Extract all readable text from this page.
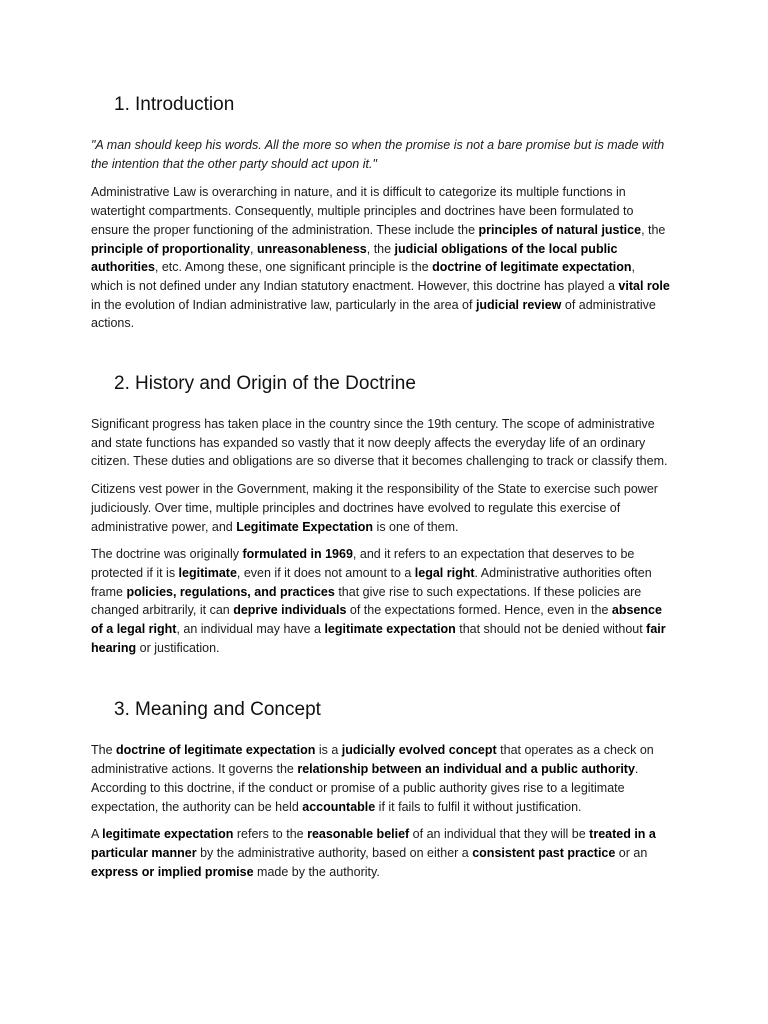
1. Introduction

"A man should keep his words. All the more so when the promise is not a bare promise but is made with the intention that the other party should act upon it."

Administrative Law is overarching in nature, and it is difficult to categorize its multiple functions in watertight compartments. Consequently, multiple principles and doctrines have been formulated to ensure the proper functioning of the administration. These include the principles of natural justice, the principle of proportionality, unreasonableness, the judicial obligations of the local public authorities, etc. Among these, one significant principle is the doctrine of legitimate expectation, which is not defined under any Indian statutory enactment. However, this doctrine has played a vital role in the evolution of Indian administrative law, particularly in the area of judicial review of administrative actions.

2. History and Origin of the Doctrine

Significant progress has taken place in the country since the 19th century. The scope of administrative and state functions has expanded so vastly that it now deeply affects the everyday life of an ordinary citizen. These duties and obligations are so diverse that it becomes challenging to track or classify them.

Citizens vest power in the Government, making it the responsibility of the State to exercise such power judiciously. Over time, multiple principles and doctrines have evolved to regulate this exercise of administrative power, and Legitimate Expectation is one of them.

The doctrine was originally formulated in 1969, and it refers to an expectation that deserves to be protected if it is legitimate, even if it does not amount to a legal right. Administrative authorities often frame policies, regulations, and practices that give rise to such expectations. If these policies are changed arbitrarily, it can deprive individuals of the expectations formed. Hence, even in the absence of a legal right, an individual may have a legitimate expectation that should not be denied without fair hearing or justification.

3. Meaning and Concept

The doctrine of legitimate expectation is a judicially evolved concept that operates as a check on administrative actions. It governs the relationship between an individual and a public authority. According to this doctrine, if the conduct or promise of a public authority gives rise to a legitimate expectation, the authority can be held accountable if it fails to fulfil it without justification.

A legitimate expectation refers to the reasonable belief of an individual that they will be treated in a particular manner by the administrative authority, based on either a consistent past practice or an express or implied promise made by the authority.
